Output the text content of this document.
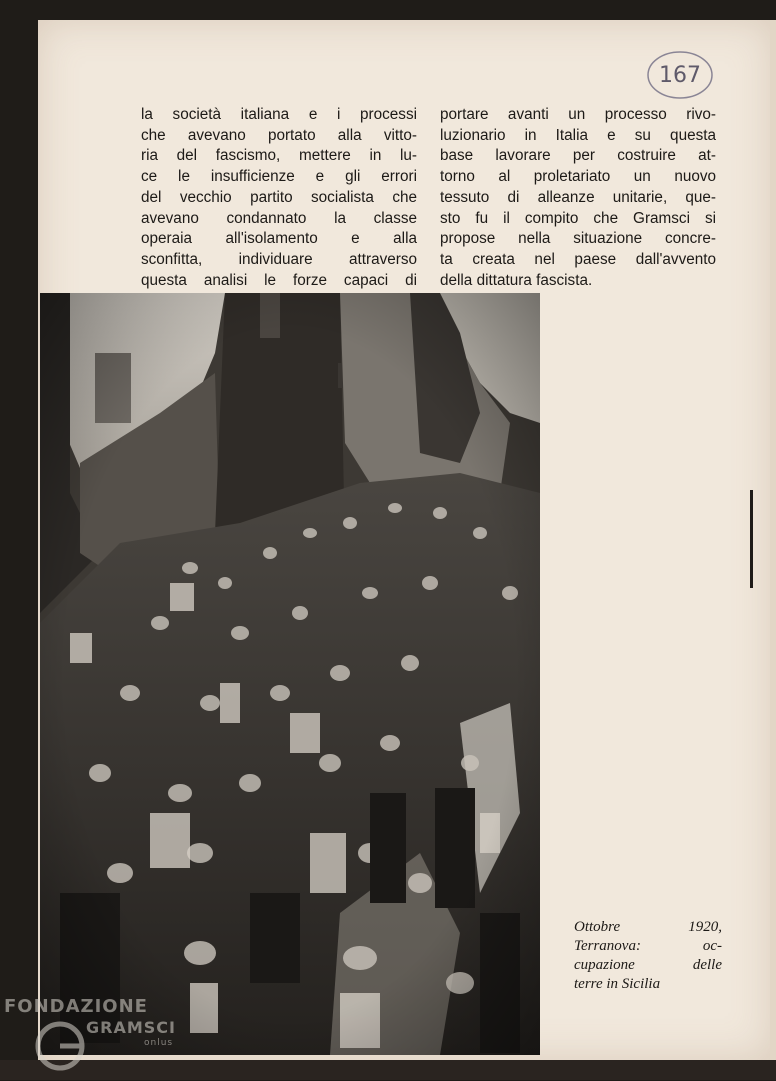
167
la società italiana e i processi
che avevano portato alla vitto-
ria del fascismo, mettere in lu-
ce le insufficienze e gli errori
del vecchio partito socialista che
avevano condannato la classe
operaia all'isolamento e alla
sconfitta, individuare attraverso
questa analisi le forze capaci di
portare avanti un processo rivo-
luzionario in Italia e su questa
base lavorare per costruire at-
torno al proletariato un nuovo
tessuto di alleanze unitarie, que-
sto fu il compito che Gramsci si
propose nella situazione concre-
ta creata nel paese dall'avvento
della dittatura fascista.
Ottobre 1920,
Terranova: oc-
cupazione delle
terre in Sicilia
FONDAZIONE
GRAMSCI
onlus
